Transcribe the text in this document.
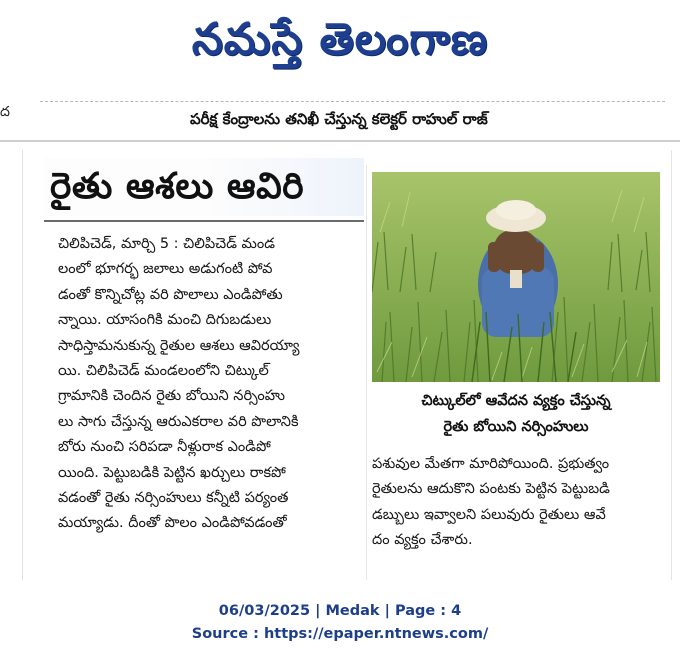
నమస్తే తెలంగాణ
ద	పరీక్ష కేంద్రాలను తనిఖీ చేస్తున్న కలెక్టర్ రాహుల్ రాజ్
రైతు ఆశలు ఆవిరి

చిలిపిచెడ్, మార్చి 5 : చిలిపిచెడ్ మండ

లంలో భూగర్భ జలాలు అడుగంటి పోవ

డంతో కొన్నిచోట్ల వరి పొలాలు ఎండిపోతు

న్నాయి. యాసంగికి మంచి దిగుబడులు

సాధిస్తామనుకున్న రైతుల ఆశలు ఆవిరయ్యా

యి. చిలిపిచెడ్ మండలంలోని చిట్కుల్

గ్రామానికి చెందిన రైతు బోయిని నర్సింహు

లు సాగు చేస్తున్న ఆరుఎకరాల వరి పొలానికి

బోరు నుంచి సరిపడా నీళ్లురాక ఎండిపో

యింది. పెట్టుబడికి పెట్టిన ఖర్చులు రాకపో

వడంతో రైతు నర్సింహులు కన్నీటి పర్యంత

మయ్యాడు. దీంతో పొలం ఎండిపోవడంతో

చిట్కుల్‌లో ఆవేదన వ్యక్తం చేస్తున్న
రైతు బోయిని నర్సింహులు

పశువుల మేతగా మారిపోయింది. ప్రభుత్వం

రైతులను ఆదుకొని పంటకు పెట్టిన పెట్టుబడి

డబ్బులు ఇవ్వాలని పలువురు రైతులు ఆవే

దం వ్యక్తం చేశారు.

06/03/2025 | Medak | Page : 4
Source : https://epaper.ntnews.com/
